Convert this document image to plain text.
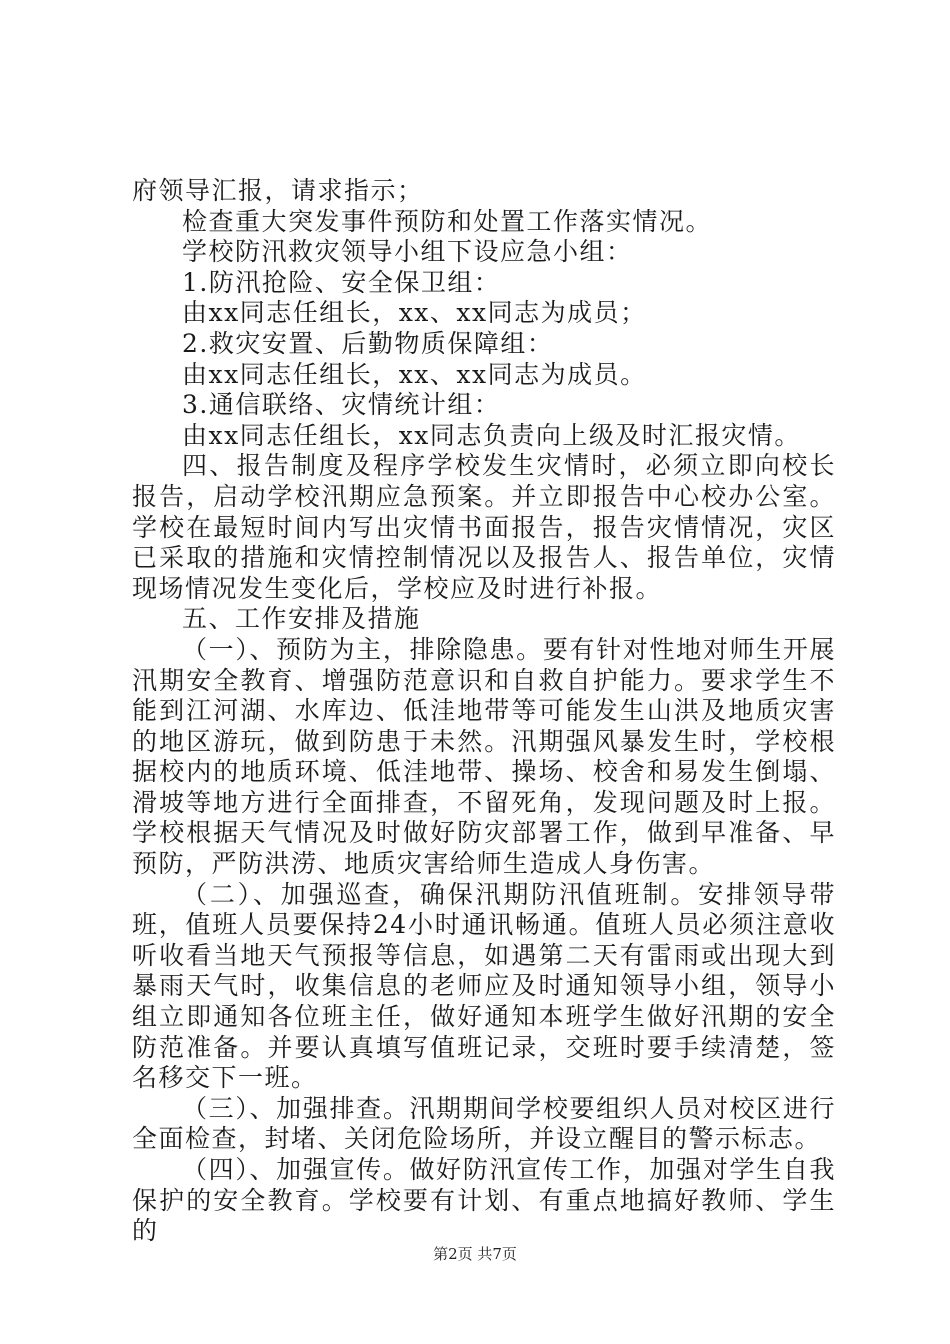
府领导汇报，请求指示；

检查重大突发事件预防和处置工作落实情况。

学校防汛救灾领导小组下设应急小组：

1.防汛抢险、安全保卫组：

由xx同志任组长，xx、xx同志为成员；

2.救灾安置、后勤物质保障组：

由xx同志任组长，xx、xx同志为成员。

3.通信联络、灾情统计组：

由xx同志任组长，xx同志负责向上级及时汇报灾情。

四、报告制度及程序学校发生灾情时，必须立即向校长报告，启动学校汛期应急预案。并立即报告中心校办公室。学校在最短时间内写出灾情书面报告，报告灾情情况，灾区已采取的措施和灾情控制情况以及报告人、报告单位，灾情现场情况发生变化后，学校应及时进行补报。

五、工作安排及措施

（一）、预防为主，排除隐患。要有针对性地对师生开展汛期安全教育、增强防范意识和自救自护能力。要求学生不能到江河湖、水库边、低洼地带等可能发生山洪及地质灾害的地区游玩，做到防患于未然。汛期强风暴发生时，学校根据校内的地质环境、低洼地带、操场、校舍和易发生倒塌、滑坡等地方进行全面排查，不留死角，发现问题及时上报。学校根据天气情况及时做好防灾部署工作，做到早准备、早预防，严防洪涝、地质灾害给师生造成人身伤害。

（二）、加强巡查，确保汛期防汛值班制。安排领导带班，值班人员要保持24小时通讯畅通。值班人员必须注意收听收看当地天气预报等信息，如遇第二天有雷雨或出现大到暴雨天气时，收集信息的老师应及时通知领导小组，领导小组立即通知各位班主任，做好通知本班学生做好汛期的安全防范准备。并要认真填写值班记录，交班时要手续清楚，签名移交下一班。

（三）、加强排查。汛期期间学校要组织人员对校区进行全面检查，封堵、关闭危险场所，并设立醒目的警示标志。

（四）、加强宣传。做好防汛宣传工作，加强对学生自我保护的安全教育。学校要有计划、有重点地搞好教师、学生的

第2页 共7页
